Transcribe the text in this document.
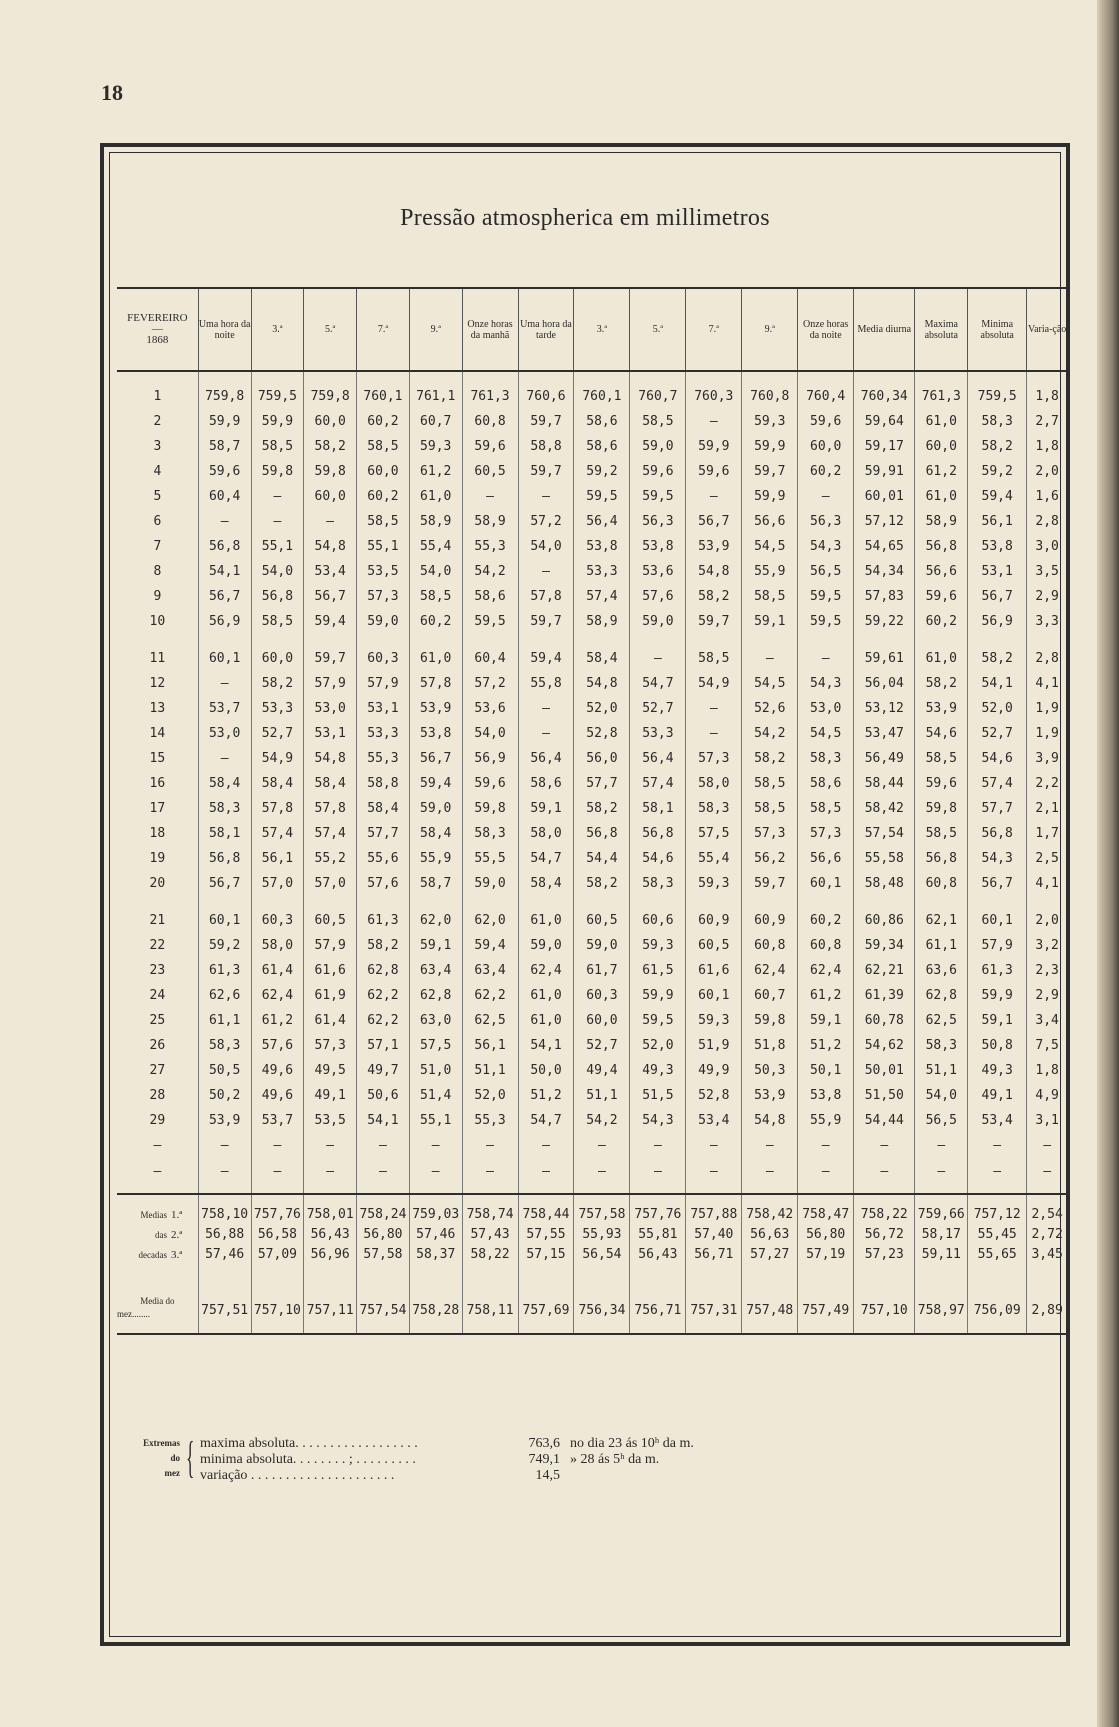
18
Pressão atmospherica em millimetros
FEVEREIRO
—
1868	Uma hora da noite	3.ª	5.ª	7.ª	9.ª	Onze horas da manhã	Uma hora da tarde	3.ª	5.ª	7.ª	9.ª	Onze horas da noite	Media diurna	Maxima absoluta	Minima absoluta	Varia-ção

1	759,8	759,5	759,8	760,1	761,1	761,3	760,6	760,1	760,7	760,3	760,8	760,4	760,34	761,3	759,5	1,8
2	59,9	59,9	60,0	60,2	60,7	60,8	59,7	58,6	58,5	—	59,3	59,6	59,64	61,0	58,3	2,7
3	58,7	58,5	58,2	58,5	59,3	59,6	58,8	58,6	59,0	59,9	59,9	60,0	59,17	60,0	58,2	1,8
4	59,6	59,8	59,8	60,0	61,2	60,5	59,7	59,2	59,6	59,6	59,7	60,2	59,91	61,2	59,2	2,0
5	60,4	—	60,0	60,2	61,0	—	—	59,5	59,5	—	59,9	—	60,01	61,0	59,4	1,6
6	—	—	—	58,5	58,9	58,9	57,2	56,4	56,3	56,7	56,6	56,3	57,12	58,9	56,1	2,8
7	56,8	55,1	54,8	55,1	55,4	55,3	54,0	53,8	53,8	53,9	54,5	54,3	54,65	56,8	53,8	3,0
8	54,1	54,0	53,4	53,5	54,0	54,2	—	53,3	53,6	54,8	55,9	56,5	54,34	56,6	53,1	3,5
9	56,7	56,8	56,7	57,3	58,5	58,6	57,8	57,4	57,6	58,2	58,5	59,5	57,83	59,6	56,7	2,9
10	56,9	58,5	59,4	59,0	60,2	59,5	59,7	58,9	59,0	59,7	59,1	59,5	59,22	60,2	56,9	3,3

11	60,1	60,0	59,7	60,3	61,0	60,4	59,4	58,4	—	58,5	—	—	59,61	61,0	58,2	2,8
12	—	58,2	57,9	57,9	57,8	57,2	55,8	54,8	54,7	54,9	54,5	54,3	56,04	58,2	54,1	4,1
13	53,7	53,3	53,0	53,1	53,9	53,6	—	52,0	52,7	—	52,6	53,0	53,12	53,9	52,0	1,9
14	53,0	52,7	53,1	53,3	53,8	54,0	—	52,8	53,3	—	54,2	54,5	53,47	54,6	52,7	1,9
15	—	54,9	54,8	55,3	56,7	56,9	56,4	56,0	56,4	57,3	58,2	58,3	56,49	58,5	54,6	3,9
16	58,4	58,4	58,4	58,8	59,4	59,6	58,6	57,7	57,4	58,0	58,5	58,6	58,44	59,6	57,4	2,2
17	58,3	57,8	57,8	58,4	59,0	59,8	59,1	58,2	58,1	58,3	58,5	58,5	58,42	59,8	57,7	2,1
18	58,1	57,4	57,4	57,7	58,4	58,3	58,0	56,8	56,8	57,5	57,3	57,3	57,54	58,5	56,8	1,7
19	56,8	56,1	55,2	55,6	55,9	55,5	54,7	54,4	54,6	55,4	56,2	56,6	55,58	56,8	54,3	2,5
20	56,7	57,0	57,0	57,6	58,7	59,0	58,4	58,2	58,3	59,3	59,7	60,1	58,48	60,8	56,7	4,1

21	60,1	60,3	60,5	61,3	62,0	62,0	61,0	60,5	60,6	60,9	60,9	60,2	60,86	62,1	60,1	2,0
22	59,2	58,0	57,9	58,2	59,1	59,4	59,0	59,0	59,3	60,5	60,8	60,8	59,34	61,1	57,9	3,2
23	61,3	61,4	61,6	62,8	63,4	63,4	62,4	61,7	61,5	61,6	62,4	62,4	62,21	63,6	61,3	2,3
24	62,6	62,4	61,9	62,2	62,8	62,2	61,0	60,3	59,9	60,1	60,7	61,2	61,39	62,8	59,9	2,9
25	61,1	61,2	61,4	62,2	63,0	62,5	61,0	60,0	59,5	59,3	59,8	59,1	60,78	62,5	59,1	3,4
26	58,3	57,6	57,3	57,1	57,5	56,1	54,1	52,7	52,0	51,9	51,8	51,2	54,62	58,3	50,8	7,5
27	50,5	49,6	49,5	49,7	51,0	51,1	50,0	49,4	49,3	49,9	50,3	50,1	50,01	51,1	49,3	1,8
28	50,2	49,6	49,1	50,6	51,4	52,0	51,2	51,1	51,5	52,8	53,9	53,8	51,50	54,0	49,1	4,9
29	53,9	53,7	53,5	54,1	55,1	55,3	54,7	54,2	54,3	53,4	54,8	55,9	54,44	56,5	53,4	3,1
—	—	—	—	—	—	—	—	—	—	—	—	—	—	—	—	—
—	—	—	—	—	—	—	—	—	—	—	—	—	—	—	—	—

Medias 1.ª	758,10	757,76	758,01	758,24	759,03	758,74	758,44	757,58	757,76	757,88	758,42	758,47	758,22	759,66	757,12	2,54
das 2.ª	56,88	56,58	56,43	56,80	57,46	57,43	57,55	55,93	55,81	57,40	56,63	56,80	56,72	58,17	55,45	2,72
decadas 3.ª	57,46	57,09	56,96	57,58	58,37	58,22	57,15	56,54	56,43	56,71	57,27	57,19	57,23	59,11	55,65	3,45

Media do
mez........	757,51	757,10	757,11	757,54	758,28	758,11	757,69	756,34	756,71	757,31	757,48	757,49	757,10	758,97	756,09	2,89

Extremas
do
mez { maxima absoluta. . . . . . . . . . . . . . . . . .	763,6 no dia 23 ás 10ʰ da m.
minima absoluta. . . . . . . . ; . . . . . . . . .	749,1 » 28 ás 5ʰ da m.
variação . . . . . . . . . . . . . . . . . . . . .	14,5
